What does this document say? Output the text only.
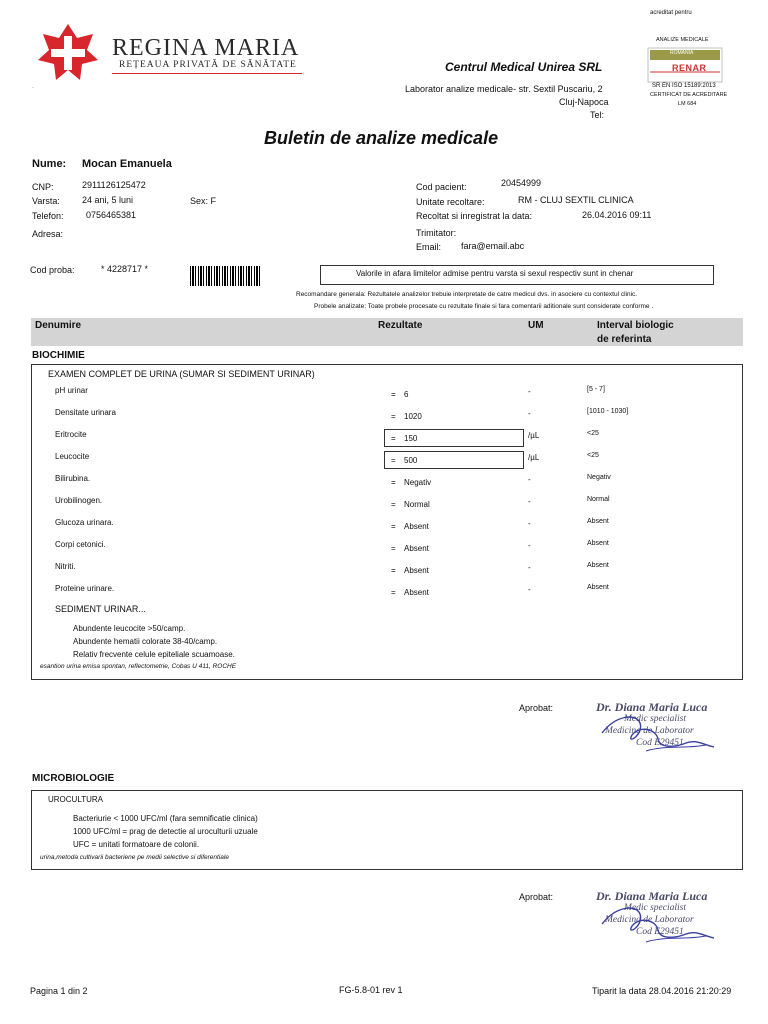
REGINA MARIA
REȚEAUA PRIVATĂ DE SĂNĂTATE
.
Centrul Medical Unirea SRL
Laborator analize medicale- str. Sextil Puscariu, 2
Cluj-Napoca
Tel:
acreditat pentru
ANALIZE MEDICALE
ROMANIA
RENAR
SR EN ISO 15189:2013
CERTIFICAT DE ACREDITARE
LM 684
Buletin de analize medicale
Nume: Mocan Emanuela
CNP:	2911126125472
Varsta: 24 ani, 5 luni	Sex: F
Telefon: 0756465381
Adresa:
Cod pacient:	20454999
Unitate recoltare:	RM - CLUJ SEXTIL CLINICA
Recoltat si inregistrat la data:	26.04.2016 09:11
Trimitator:
Email: fara@email.abc
Cod proba:	* 4228717 *	Valorile in afara limitelor admise pentru varsta si sexul respectiv sunt in chenar
Recomandare generala: Rezultatele analizelor trebuie interpretate de catre medicul dvs. in asociere cu contextul clinic.
Probele analizate: Toate probele procesate cu rezultate finale si fara comentarii aditionale sunt considerate conforme .
Denumire	Rezultate	UM	Interval biologic
de referinta
BIOCHIMIE
EXAMEN COMPLET DE URINA (SUMAR SI SEDIMENT URINAR)
pH urinar	= 6	-	[5 - 7]
Densitate urinara	= 1020	-	[1010 - 1030]
Eritrocite	= 150	/µL	<25
Leucocite	= 500	/µL	<25
Bilirubina.	= Negativ	-	Negativ
Urobilinogen.	= Normal	-	Normal
Glucoza urinara.	= Absent	-	Absent
Corpi cetonici.	= Absent	-	Absent
Nitriti.	= Absent	-	Absent
Proteine urinare.	= Absent	-	Absent
SEDIMENT URINAR...
Abundente leucocite >50/camp.
Abundente hematii colorate 38-40/camp.
Relativ frecvente celule epiteliale scuamoase.
esantion urina emisa spontan, reflectometrie, Cobas U 411, ROCHE
Aprobat:	Dr. Diana Maria Luca
Medic specialist
Medicina de Laborator
Cod E29451
MICROBIOLOGIE
UROCULTURA
Bacteriurie < 1000 UFC/ml (fara semnificatie clinica)
1000 UFC/ml = prag de detectie al uroculturii uzuale
UFC = unitati formatoare de colonii.
urina,metoda cultivarii bacteriene pe medii selective si diferentiale
Aprobat:	Dr. Diana Maria Luca
Medic specialist
Medicina de Laborator
Cod E29451
Pagina 1 din 2	FG-5.8-01 rev 1	Tiparit la data 28.04.2016 21:20:29
